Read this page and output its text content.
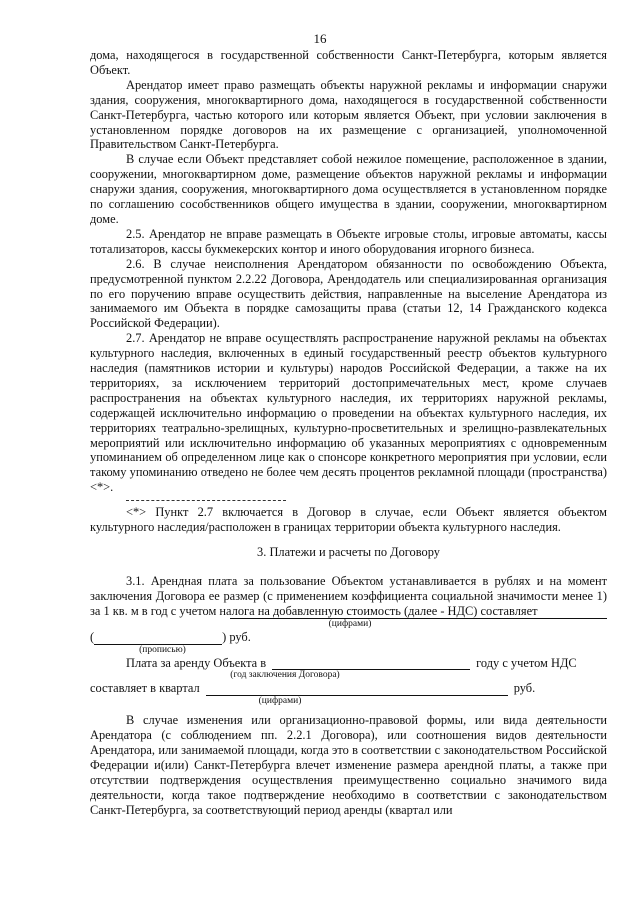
16

дома, находящегося в государственной собственности Санкт-Петербурга, которым является Объект.

Арендатор имеет право размещать объекты наружной рекламы и информации снаружи здания, сооружения, многоквартирного дома, находящегося в государственной собственности Санкт-Петербурга, частью которого или которым является Объект, при условии заключения в установленном порядке договоров на их размещение с организацией, уполномоченной Правительством Санкт-Петербурга.

В случае если Объект представляет собой нежилое помещение, расположенное в здании, сооружении, многоквартирном доме, размещение объектов наружной рекламы и информации снаружи здания, сооружения, многоквартирного дома осуществляется в установленном порядке по соглашению сособственников общего имущества в здании, сооружении, многоквартирном доме.

2.5. Арендатор не вправе размещать в Объекте игровые столы, игровые автоматы, кассы тотализаторов, кассы букмекерских контор и иного оборудования игорного бизнеса.

2.6. В случае неисполнения Арендатором обязанности по освобождению Объекта, предусмотренной пунктом 2.2.22 Договора, Арендодатель или специализированная организация по его поручению вправе осуществить действия, направленные на выселение Арендатора из занимаемого им Объекта в порядке самозащиты права (статьи 12, 14 Гражданского кодекса Российской Федерации).

2.7. Арендатор не вправе осуществлять распространение наружной рекламы на объектах культурного наследия, включенных в единый государственный реестр объектов культурного наследия (памятников истории и культуры) народов Российской Федерации, а также на их территориях, за исключением территорий достопримечательных мест, кроме случаев распространения на объектах культурного наследия, их территориях наружной рекламы, содержащей исключительно информацию о проведении на объектах культурного наследия, их территориях театрально-зрелищных, культурно-просветительных и зрелищно-развлекательных мероприятий или исключительно информацию об указанных мероприятиях с одновременным упоминанием об определенном лице как о спонсоре конкретного мероприятия при условии, если такому упоминанию отведено не более чем десять процентов рекламной площади (пространства) <*>.

<*> Пункт 2.7 включается в Договор в случае, если Объект является объектом культурного наследия/расположен в границах территории объекта культурного наследия.

3. Платежи и расчеты по Договору

3.1. Арендная плата за пользование Объектом устанавливается в рублях и на момент заключения Договора ее размер (с применением коэффициента социальной значимости менее 1) за 1 кв. м в год с учетом налога на добавленную стоимость (далее - НДС) составляет

(цифрами)
(	) руб.
(прописью)
Плата за аренду Объекта в	году с учетом НДС
(год заключения Договора)
составляет в квартал	руб.
(цифрами)

В случае изменения или организационно-правовой формы, или вида деятельности Арендатора (с соблюдением пп. 2.2.1 Договора), или соотношения видов деятельности Арендатора, или занимаемой площади, когда это в соответствии с законодательством Российской Федерации и(или) Санкт-Петербурга влечет изменение размера арендной платы, а также при отсутствии подтверждения осуществления преимущественно социально значимого вида деятельности, когда такое подтверждение необходимо в соответствии с законодательством Санкт-Петербурга, за соответствующий период аренды (квартал или
